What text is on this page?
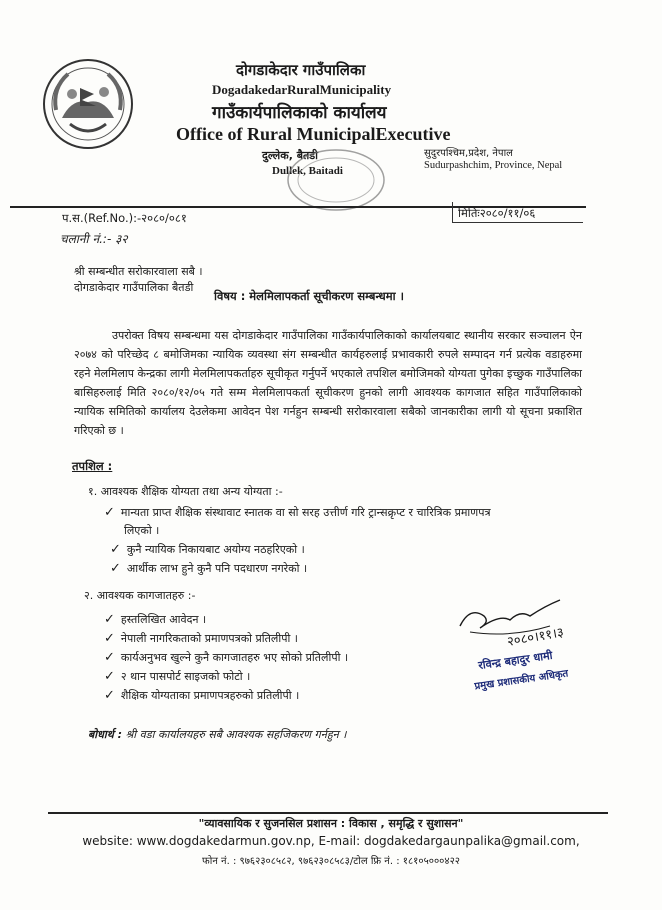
दोगडाकेदार गाउँपालिका
DogadakedarRuralMunicipality
गाउँकार्यपालिकाको कार्यालय
Office of Rural MunicipalExecutive
दुल्लेक, बैतडी
Dullek, Baitadi
सुदुरपश्चिम,प्रदेश, नेपाल
Sudurpashchim, Province, Nepal
प.स.(Ref.No.):-२०८०/०८१	मितिः२०८०/११/०६
चलानी नं.:- ३२
श्री सम्बन्धीत सरोकारवाला सबै ।
दोगडाकेदार गाउँपालिका बैतडी
विषय : मेलमिलापकर्ता सूचीकरण सम्बन्धमा ।
उपरोक्त विषय सम्बन्धमा यस दोगडाकेदार गाउँपालिका गाउँकार्यपालिकाको कार्यालयबाट स्थानीय सरकार सञ्चालन ऐन २०७४ को परिच्छेद ८ बमोजिमका न्यायिक व्यवस्था संग सम्बन्धीत कार्यहरुलाई प्रभावकारी रुपले सम्पादन गर्न प्रत्येक वडाहरुमा रहने मेलमिलाप केन्द्रका लागी मेलमिलापकर्ताहरु सूचीकृत गर्नुपर्ने भएकाले तपशिल बमोजिमको योग्यता पुगेका इच्छुक गाउँपालिका बासिहरुलाई मिति २०८०/१२/०५ गते सम्म मेलमिलापकर्ता सूचीकरण हुनको लागी आवश्यक कागजात सहित गाउँपालिकाको न्यायिक समितिको कार्यालय देउलेकमा आवेदन पेश गर्नहुन सम्बन्धी सरोकारवाला सबैको जानकारीका लागी यो सूचना प्रकाशित गरिएको छ ।
तपशिल :
१. आवश्यक शैक्षिक योग्यता तथा अन्य योग्यता :-
✓ मान्यता प्राप्त शैक्षिक संस्थावाट स्नातक वा सो सरह उत्तीर्ण गरि ट्रान्सक्रृप्ट र चारित्रिक प्रमाणपत्र
लिएको ।
✓ कुनै न्यायिक निकायबाट अयोग्य नठहरिएको ।
✓ आर्थीक लाभ हुने कुनै पनि पदधारण नगरेको ।
२. आवश्यक कागजातहरु :-
✓ हस्तलिखित आवेदन ।
✓ नेपाली नागरिकताको प्रमाणपत्रको प्रतिलीपी ।
✓ कार्यअनुभव खुल्ने कुनै कागजातहरु भए सोको प्रतिलीपी ।
✓ २ थान पासपोर्ट साइजको फोटो ।
✓ शैक्षिक योग्यताका प्रमाणपत्रहरुको प्रतिलीपी ।
२०८०।११।३
रविन्द्र बहादुर धामी
प्रमुख प्रशासकीय अधिकृत
बोधार्थ : श्री वडा कार्यालयहरु सबै आवश्यक सहजिकरण गर्नहुन ।
"व्यावसायिक र सुजनसिल प्रशासन : विकास , समृद्धि र सुशासन"
website: www.dogdakedarmun.gov.np, E-mail: dogdakedargaunpalika@gmail.com,
फोन नं. : ९७६२३०८५८२, ९७६२३०८५८३/टोल फ्रि नं. : १८१०५०००४२२
